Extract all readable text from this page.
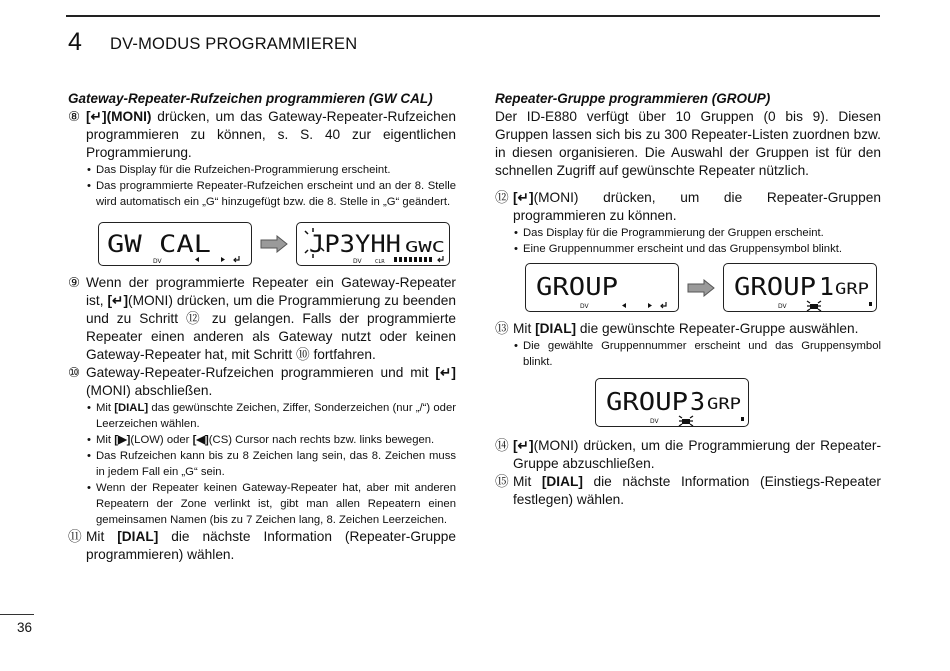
4 DV-MODUS PROGRAMMIEREN
Gateway-Repeater-Rufzeichen programmieren (GW CAL)
⑧ [↵](MONI) drücken, um das Gateway-Repeater-Rufzeichen programmieren zu können, s. S. 40 zur eigentlichen Programmierung.
• Das Display für die Rufzeichen-Programmierung erscheint.
• Das programmierte Repeater-Rufzeichen erscheint und an der 8. Stelle wird automatisch ein „G“ hinzugefügt bzw. die 8. Stelle in „G“ geändert.
GW CAL
DV
JP3YHH GWC
DV	CLR
⑨ Wenn der programmierte Repeater ein Gateway-Repeater ist, [↵](MONI) drücken, um die Programmierung zu beenden und zu Schritt ⑫ zu gelangen. Falls der programmierte Repeater einen anderen als Gateway nutzt oder keinen Gateway-Repeater hat, mit Schritt ⑩ fortfahren.
⑩ Gateway-Repeater-Rufzeichen programmieren und mit [↵](MONI) abschließen.
• Mit [DIAL] das gewünschte Zeichen, Ziffer, Sonderzeichen (nur „/“) oder Leerzeichen wählen.
• Mit [▶](LOW) oder [◀](CS) Cursor nach rechts bzw. links bewegen.
• Das Rufzeichen kann bis zu 8 Zeichen lang sein, das 8. Zeichen muss in jedem Fall ein „G“ sein.
• Wenn der Repeater keinen Gateway-Repeater hat, aber mit anderen Repeatern der Zone verlinkt ist, gibt man allen Repeatern einen gemeinsamen Namen (bis zu 7 Zeichen lang, 8. Zeichen Leerzeichen.
⑪ Mit [DIAL] die nächste Information (Repeater-Gruppe programmieren) wählen.
Repeater-Gruppe programmieren (GROUP)
Der ID-E880 verfügt über 10 Gruppen (0 bis 9). Diesen Gruppen lassen sich bis zu 300 Repeater-Listen zuordnen bzw. in diesen organisieren. Die Auswahl der Gruppen ist für den schnellen Zugriff auf gewünschte Repeater nützlich.
⑫ [↵](MONI) drücken, um die Repeater-Gruppen programmieren zu können.
• Das Display für die Programmierung der Gruppen erscheint.
• Eine Gruppennummer erscheint und das Gruppensymbol blinkt.
GROUP
DV
GROUP 1 GRP
DV
⑬ Mit [DIAL] die gewünschte Repeater-Gruppe auswählen.
• Die gewählte Gruppennummer erscheint und das Gruppensymbol blinkt.
GROUP 3 GRP
DV
⑭ [↵](MONI) drücken, um die Programmierung der Repeater-Gruppe abzuschließen.
⑮ Mit [DIAL] die nächste Information (Einstiegs-Repeater festlegen) wählen.
36
